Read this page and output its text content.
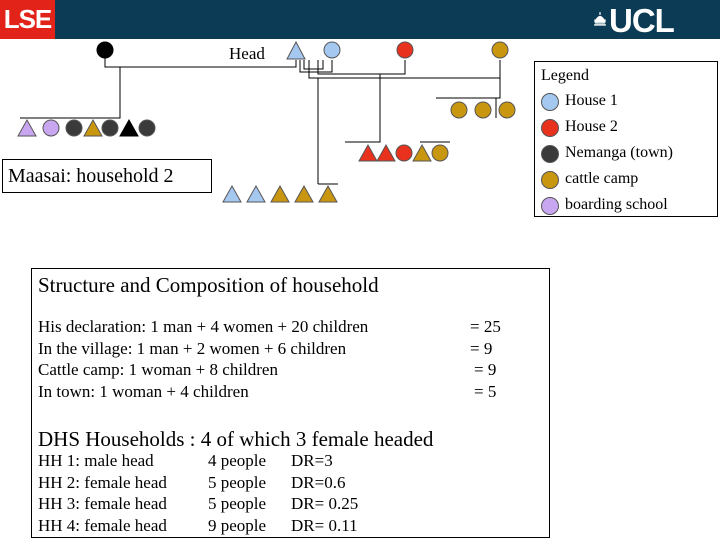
LSE	UCL
Head
Maasai: household 2
Legend
House 1
House 2
Nemanga (town)
cattle camp
boarding school
Structure and Composition of household
His declaration: 1 man + 4 women + 20 children	= 25
In the village: 1 man + 2 women + 6 children	= 9
Cattle camp: 1 woman + 8 children	= 9
In town: 1 woman + 4 children	= 5
DHS Households : 4 of which 3 female headed
HH 1: male head	4 people DR=3
HH 2: female head 5 people DR=0.6
HH 3: female head 5 people DR= 0.25
HH 4: female head 9 people DR= 0.11
